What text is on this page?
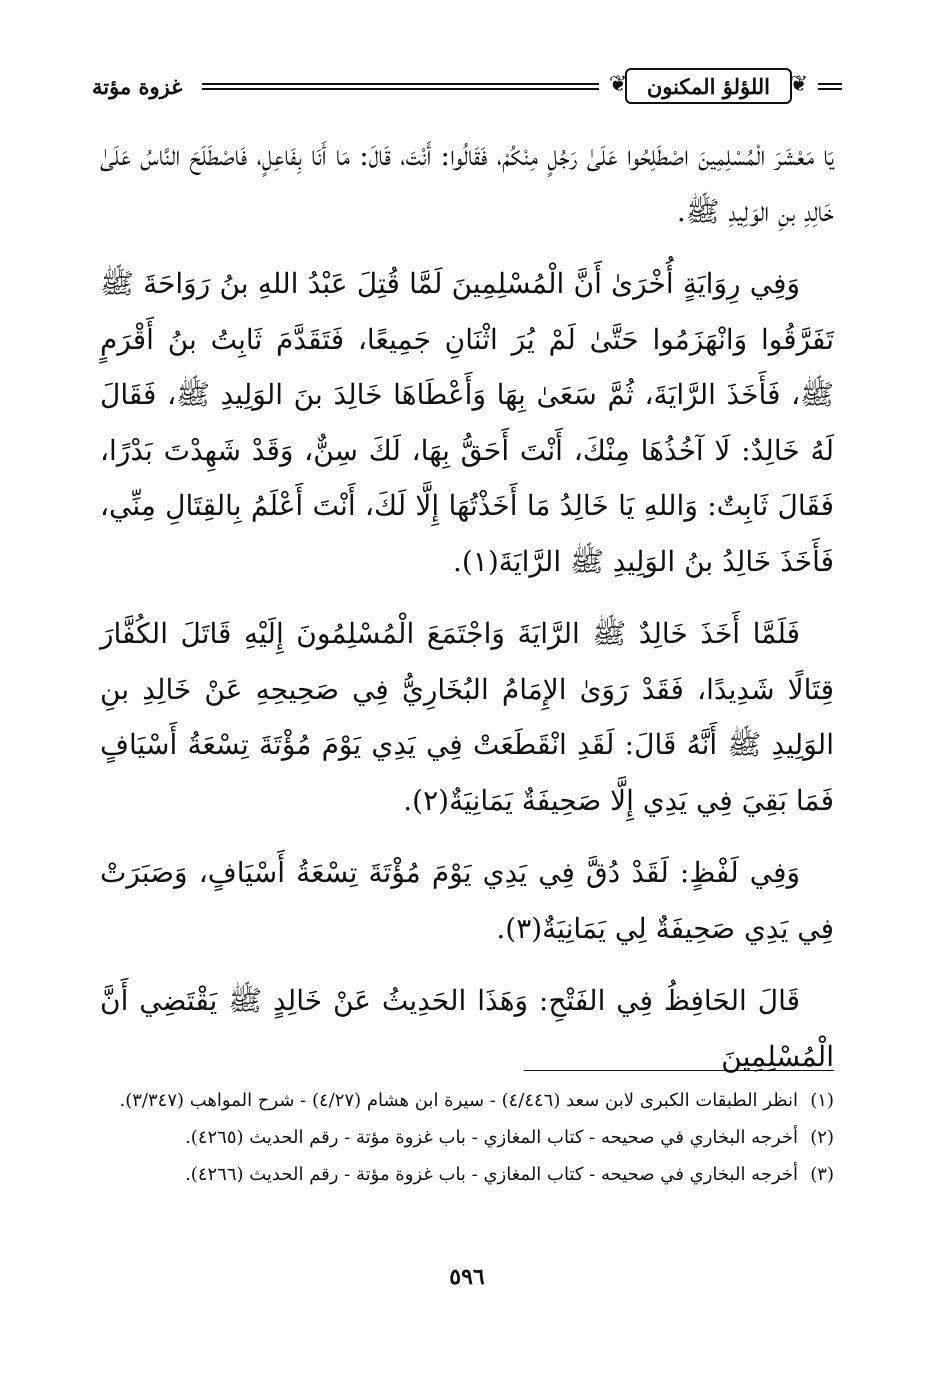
❦
اللؤلؤ المكنون
❦
غزوة مؤتة

يَا مَعْشَرَ الْمُسْلِمِينَ اصْطَلِحُوا عَلَىٰ رَجُلٍ مِنْكُمْ، فَقَالُوا: أَنْتَ، قَالَ: مَا أَنَا بِفَاعِلٍ، فَاصْطَلَحَ النَّاسُ عَلَىٰ خَالِدِ بنِ الوَلِيدِ ﷺ.

وَفِي رِوَايَةٍ أُخْرَىٰ أَنَّ الْمُسْلِمِينَ لَمَّا قُتِلَ عَبْدُ اللهِ بنُ رَوَاحَةَ ﷺ تَفَرَّقُوا وَانْهَزَمُوا حَتَّىٰ لَمْ يُرَ اثْنَانِ جَمِيعًا، فَتَقَدَّمَ ثَابِتُ بنُ أَقْرَمٍ ﷺ، فَأَخَذَ الرَّايَةَ، ثُمَّ سَعَىٰ بِهَا وَأَعْطَاهَا خَالِدَ بنَ الوَلِيدِ ﷺ، فَقَالَ لَهُ خَالِدٌ: لَا آخُذُهَا مِنْكَ، أَنْتَ أَحَقُّ بِهَا، لَكَ سِنٌّ، وَقَدْ شَهِدْتَ بَدْرًا، فَقَالَ ثَابِتٌ: وَاللهِ يَا خَالِدُ مَا أَخَذْتُهَا إِلَّا لَكَ، أَنْتَ أَعْلَمُ بِالقِتَالِ مِنِّي، فَأَخَذَ خَالِدُ بنُ الوَلِيدِ ﷺ الرَّايَةَ(١).

فَلَمَّا أَخَذَ خَالِدٌ ﷺ الرَّايَةَ وَاجْتَمَعَ الْمُسْلِمُونَ إِلَيْهِ قَاتَلَ الكُفَّارَ قِتَالًا شَدِيدًا، فَقَدْ رَوَىٰ الإِمَامُ البُخَارِيُّ فِي صَحِيحِهِ عَنْ خَالِدِ بنِ الوَلِيدِ ﷺ أَنَّهُ قَالَ: لَقَدِ انْقَطَعَتْ فِي يَدِي يَوْمَ مُؤْتَةَ تِسْعَةُ أَسْيَافٍ فَمَا بَقِيَ فِي يَدِي إِلَّا صَحِيفَةٌ يَمَانِيَةٌ(٢).

وَفِي لَفْظٍ: لَقَدْ دُقَّ فِي يَدِي يَوْمَ مُؤْتَةَ تِسْعَةُ أَسْيَافٍ، وَصَبَرَتْ فِي يَدِي صَحِيفَةٌ لِي يَمَانِيَةٌ(٣).

قَالَ الحَافِظُ فِي الفَتْحِ: وَهَذَا الحَدِيثُ عَنْ خَالِدٍ ﷺ يَقْتَضِي أَنَّ الْمُسْلِمِينَ

(١)
انظر الطبقات الكبرى لابن سعد (٤/٤٤٦) - سيرة ابن هشام (٤/٢٧) - شرح المواهب (٣/٣٤٧).
(٢)
أخرجه البخاري في صحيحه - كتاب المغازي - باب غزوة مؤتة - رقم الحديث (٤٢٦٥).
(٣)
أخرجه البخاري في صحيحه - كتاب المغازي - باب غزوة مؤتة - رقم الحديث (٤٢٦٦).
٥٩٦
